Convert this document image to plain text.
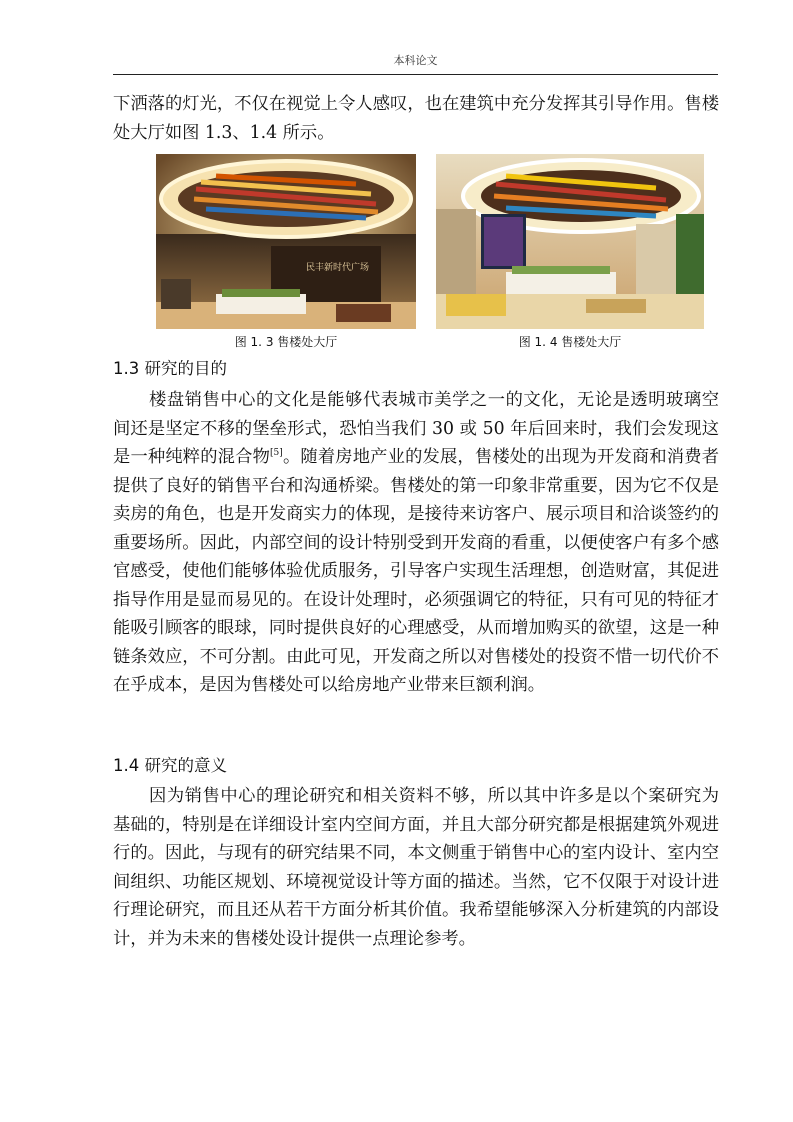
本科论文

下洒落的灯光，不仅在视觉上令人感叹，也在建筑中充分发挥其引导作用。售楼处大厅如图 1.3、1.4 所示。

民丰新时代广场
图 1. 3 售楼处大厅	图 1. 4 售楼处大厅
1.3 研究的目的

楼盘销售中心的文化是能够代表城市美学之一的文化，无论是透明玻璃空间还是坚定不移的堡垒形式，恐怕当我们 30 或 50 年后回来时，我们会发现这是一种纯粹的混合物[5]。随着房地产业的发展，售楼处的出现为开发商和消费者提供了良好的销售平台和沟通桥梁。售楼处的第一印象非常重要，因为它不仅是卖房的角色，也是开发商实力的体现，是接待来访客户、展示项目和洽谈签约的重要场所。因此，内部空间的设计特别受到开发商的看重，以便使客户有多个感官感受，使他们能够体验优质服务，引导客户实现生活理想，创造财富，其促进指导作用是显而易见的。在设计处理时，必须强调它的特征，只有可见的特征才能吸引顾客的眼球，同时提供良好的心理感受，从而增加购买的欲望，这是一种链条效应，不可分割。由此可见，开发商之所以对售楼处的投资不惜一切代价不在乎成本，是因为售楼处可以给房地产业带来巨额利润。

1.4 研究的意义

因为销售中心的理论研究和相关资料不够，所以其中许多是以个案研究为基础的，特别是在详细设计室内空间方面，并且大部分研究都是根据建筑外观进行的。因此，与现有的研究结果不同，本文侧重于销售中心的室内设计、室内空间组织、功能区规划、环境视觉设计等方面的描述。当然，它不仅限于对设计进行理论研究，而且还从若干方面分析其价值。我希望能够深入分析建筑的内部设计，并为未来的售楼处设计提供一点理论参考。
